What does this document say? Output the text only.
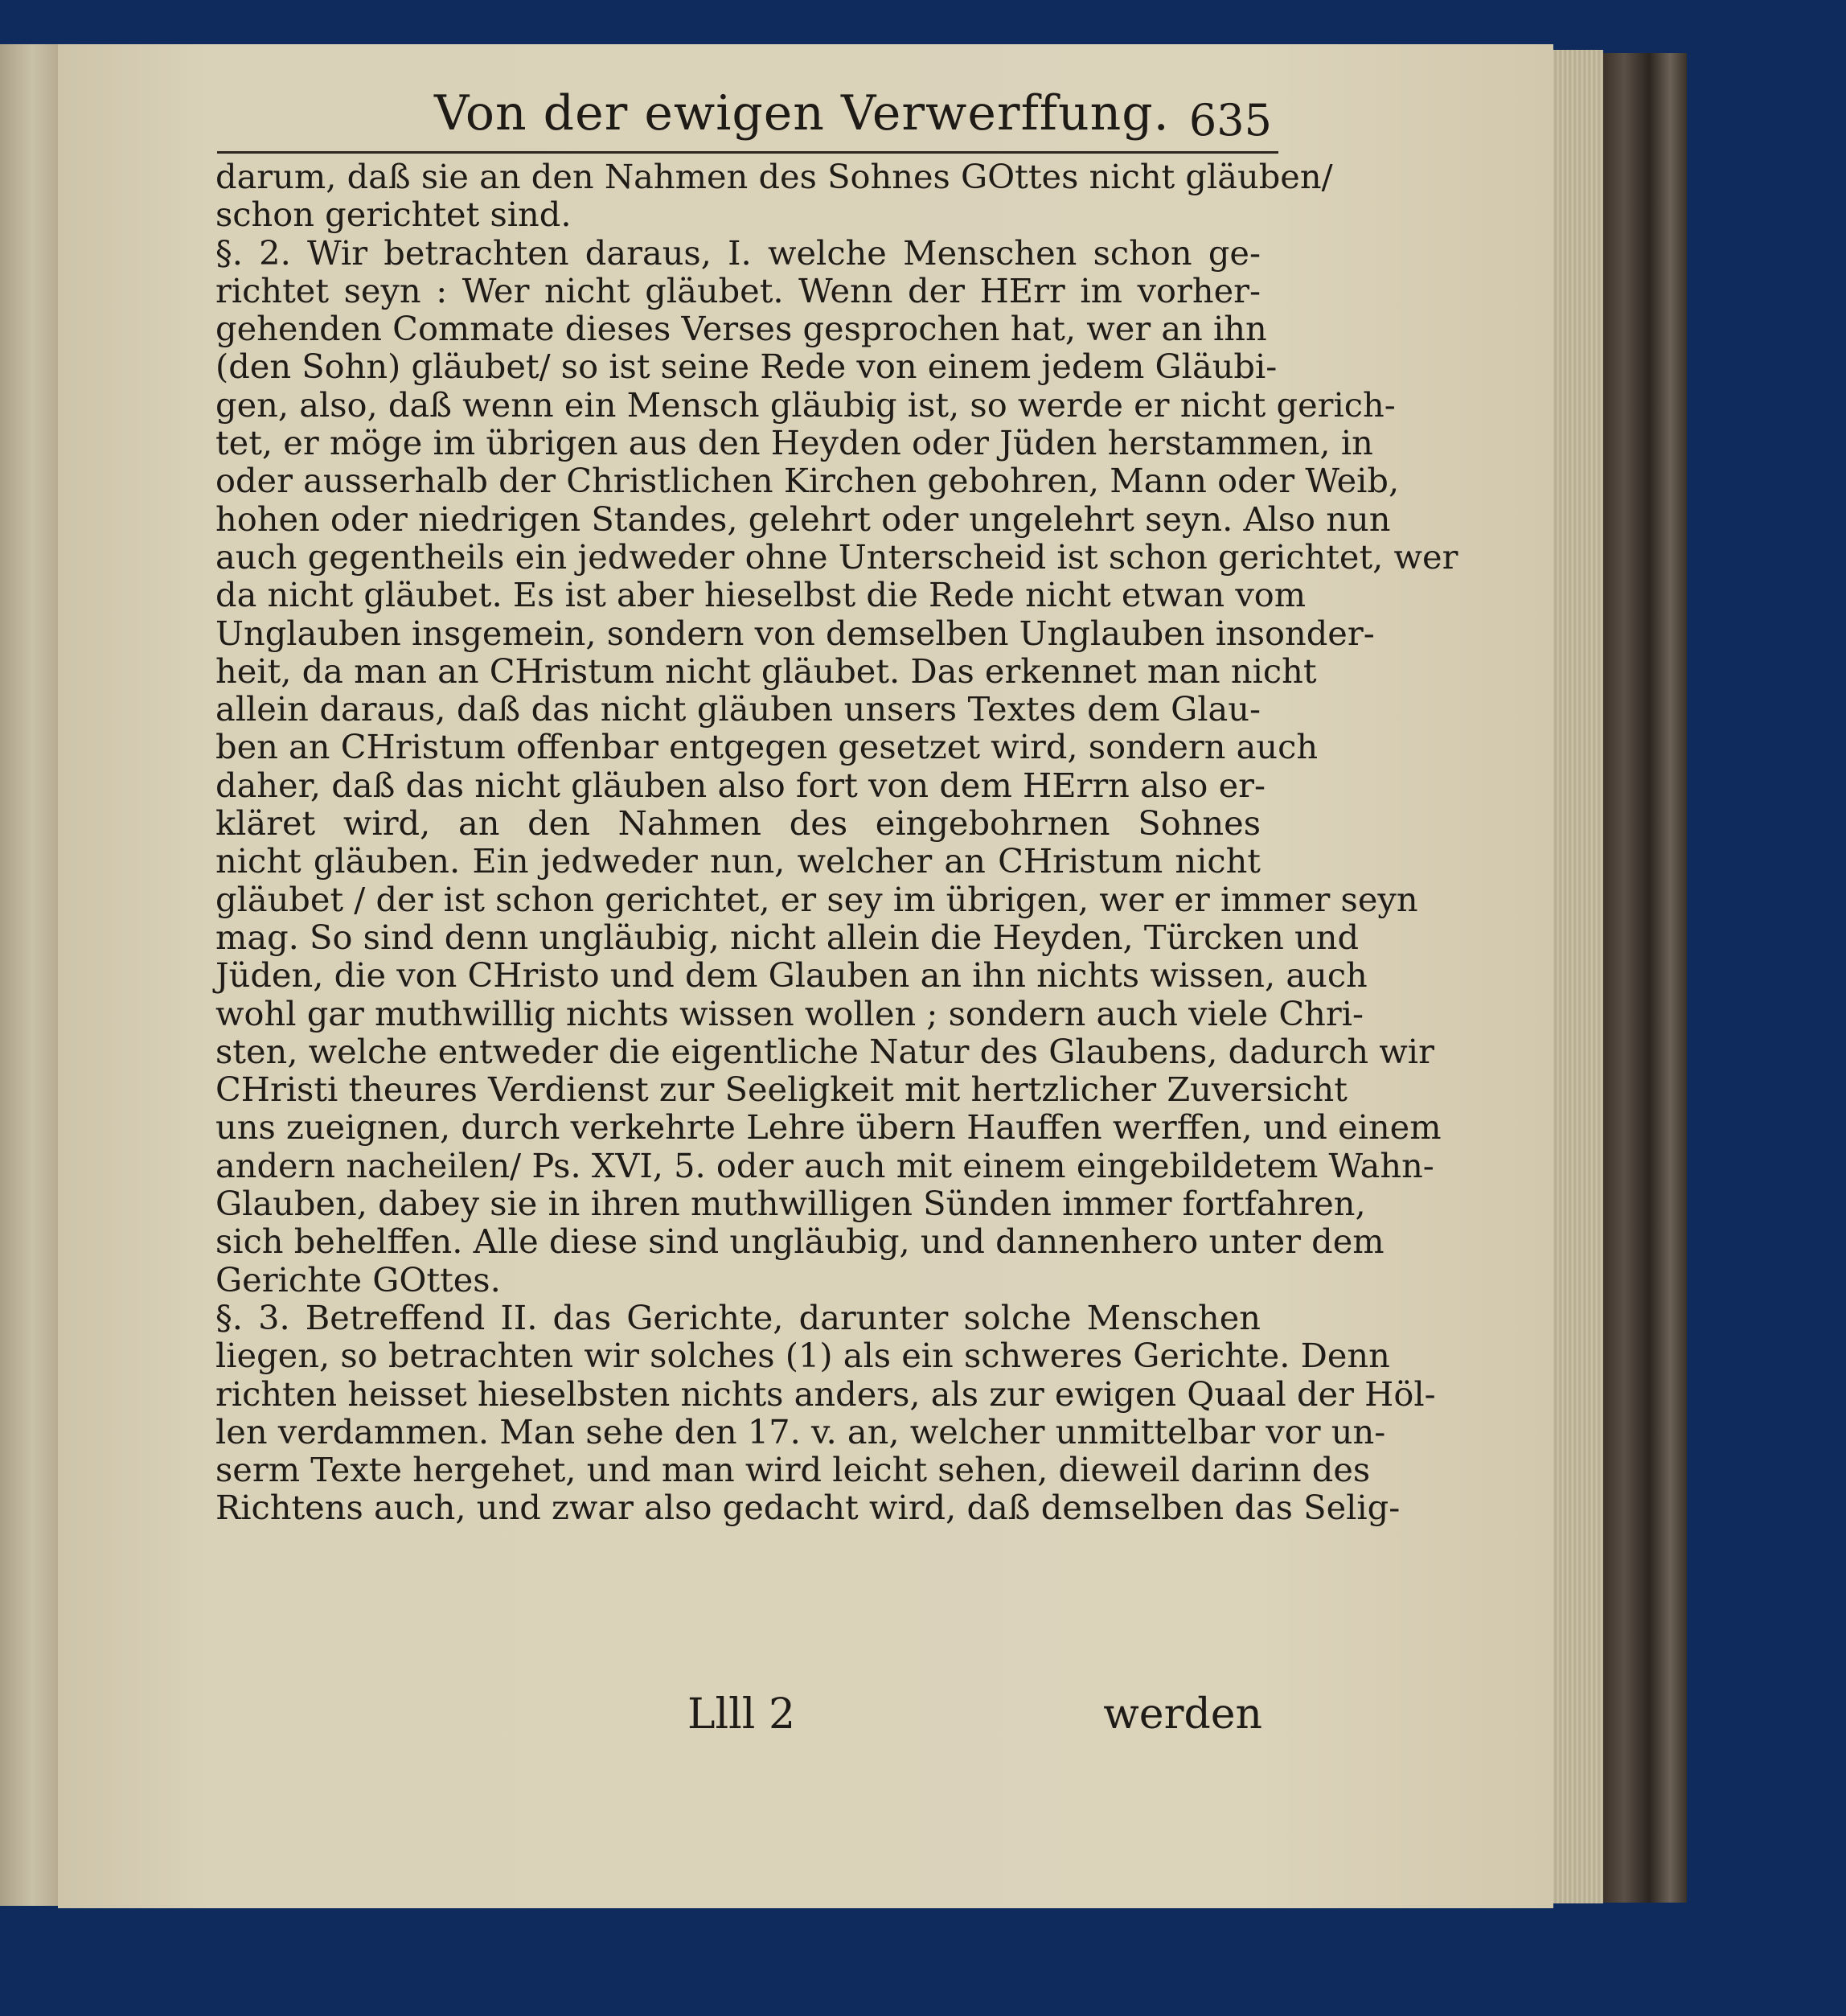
Von der ewigen Verwerffung. 635
darum, daß sie an den Nahmen des Sohnes GOttes nicht gläuben/
schon gerichtet sind.
§. 2. Wir betrachten daraus, I. welche Menschen schon ge-
richtet seyn : Wer nicht gläubet. Wenn der HErr im vorher-
gehenden Commate dieses Verses gesprochen hat, wer an ihn
(den Sohn) gläubet/ so ist seine Rede von einem jedem Gläubi-
gen, also, daß wenn ein Mensch gläubig ist, so werde er nicht gerich-
tet, er möge im übrigen aus den Heyden oder Jüden herstammen, in
oder ausserhalb der Christlichen Kirchen gebohren, Mann oder Weib,
hohen oder niedrigen Standes, gelehrt oder ungelehrt seyn. Also nun
auch gegentheils ein jedweder ohne Unterscheid ist schon gerichtet, wer
da nicht gläubet. Es ist aber hieselbst die Rede nicht etwan vom
Unglauben insgemein, sondern von demselben Unglauben insonder-
heit, da man an CHristum nicht gläubet. Das erkennet man nicht
allein daraus, daß das nicht gläuben unsers Textes dem Glau-
ben an CHristum offenbar entgegen gesetzet wird, sondern auch
daher, daß das nicht gläuben also fort von dem HErrn also er-
kläret wird, an den Nahmen des eingebohrnen Sohnes
nicht gläuben. Ein jedweder nun, welcher an CHristum nicht
gläubet / der ist schon gerichtet, er sey im übrigen, wer er immer seyn
mag. So sind denn ungläubig, nicht allein die Heyden, Türcken und
Jüden, die von CHristo und dem Glauben an ihn nichts wissen, auch
wohl gar muthwillig nichts wissen wollen ; sondern auch viele Chri-
sten, welche entweder die eigentliche Natur des Glaubens, dadurch wir
CHristi theures Verdienst zur Seeligkeit mit hertzlicher Zuversicht
uns zueignen, durch verkehrte Lehre übern Hauffen werffen, und einem
andern nacheilen/ Ps. XVI, 5. oder auch mit einem eingebildetem Wahn-
Glauben, dabey sie in ihren muthwilligen Sünden immer fortfahren,
sich behelffen. Alle diese sind ungläubig, und dannenhero unter dem
Gerichte GOttes.
§. 3. Betreffend II. das Gerichte, darunter solche Menschen
liegen, so betrachten wir solches (1) als ein schweres Gerichte. Denn
richten heisset hieselbsten nichts anders, als zur ewigen Quaal der Höl-
len verdammen. Man sehe den 17. v. an, welcher unmittelbar vor un-
serm Texte hergehet, und man wird leicht sehen, dieweil darinn des
Richtens auch, und zwar also gedacht wird, daß demselben das Selig-
Llll 2	werden
